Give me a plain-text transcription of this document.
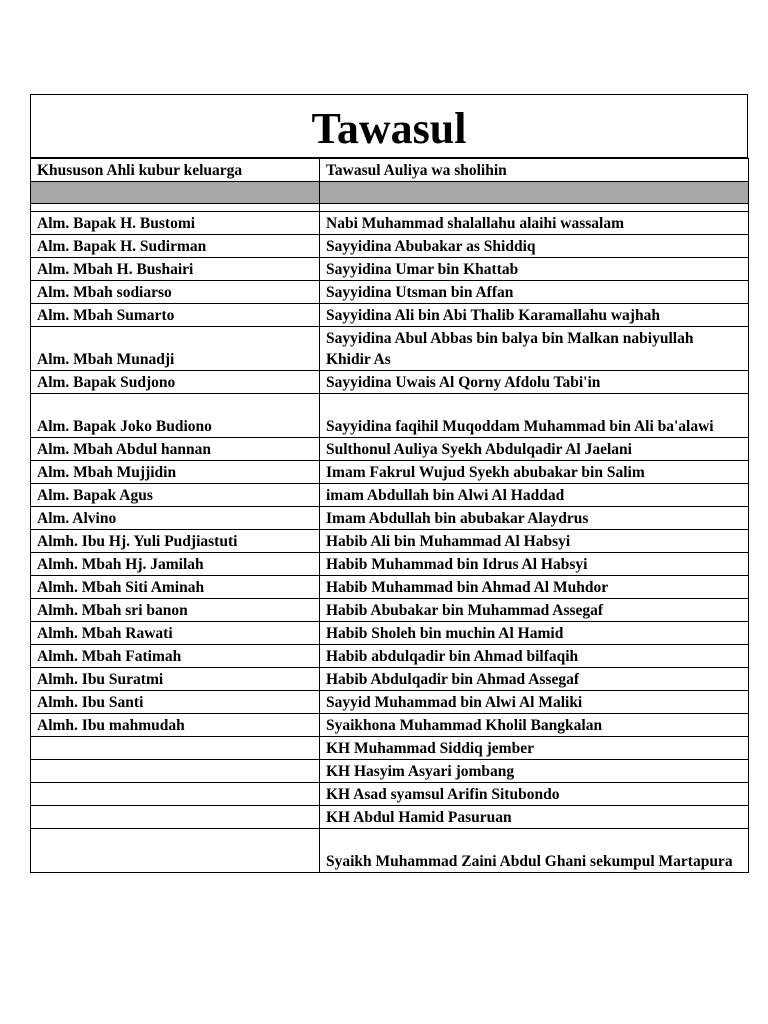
Tawasul
Khususon Ahli kubur keluarga	Tawasul Auliya wa sholihin

Alm. Bapak H. Bustomi	Nabi Muhammad shalallahu alaihi wassalam
Alm. Bapak H. Sudirman	Sayyidina Abubakar as Shiddiq
Alm. Mbah H. Bushairi	Sayyidina Umar bin Khattab
Alm. Mbah sodiarso	Sayyidina Utsman bin Affan
Alm. Mbah Sumarto	Sayyidina Ali bin Abi Thalib Karamallahu wajhah
Alm. Mbah Munadji	Sayyidina Abul Abbas bin balya bin Malkan nabiyullah Khidir As
Alm. Bapak Sudjono	Sayyidina Uwais Al Qorny Afdolu Tabi'in
Alm. Bapak Joko Budiono	Sayyidina faqihil Muqoddam Muhammad bin Ali ba'alawi
Alm. Mbah Abdul hannan	Sulthonul Auliya Syekh Abdulqadir Al Jaelani
Alm. Mbah Mujjidin	Imam Fakrul Wujud Syekh abubakar bin Salim
Alm. Bapak Agus	imam Abdullah bin Alwi Al Haddad
Alm. Alvino	Imam Abdullah bin abubakar Alaydrus
Almh. Ibu Hj. Yuli Pudjiastuti	Habib Ali bin Muhammad Al Habsyi
Almh. Mbah Hj. Jamilah	Habib Muhammad bin Idrus Al Habsyi
Almh. Mbah Siti Aminah	Habib Muhammad bin Ahmad Al Muhdor
Almh. Mbah sri banon	Habib Abubakar bin Muhammad Assegaf
Almh. Mbah Rawati	Habib Sholeh bin muchin Al Hamid
Almh. Mbah Fatimah	Habib abdulqadir bin Ahmad bilfaqih
Almh. Ibu Suratmi	Habib Abdulqadir bin Ahmad Assegaf
Almh. Ibu Santi	Sayyid Muhammad bin Alwi Al Maliki
Almh. Ibu mahmudah	Syaikhona Muhammad Kholil Bangkalan
	KH Muhammad Siddiq jember
	KH Hasyim Asyari jombang
	KH Asad syamsul Arifin Situbondo
	KH Abdul Hamid Pasuruan
	Syaikh Muhammad Zaini Abdul Ghani sekumpul Martapura
